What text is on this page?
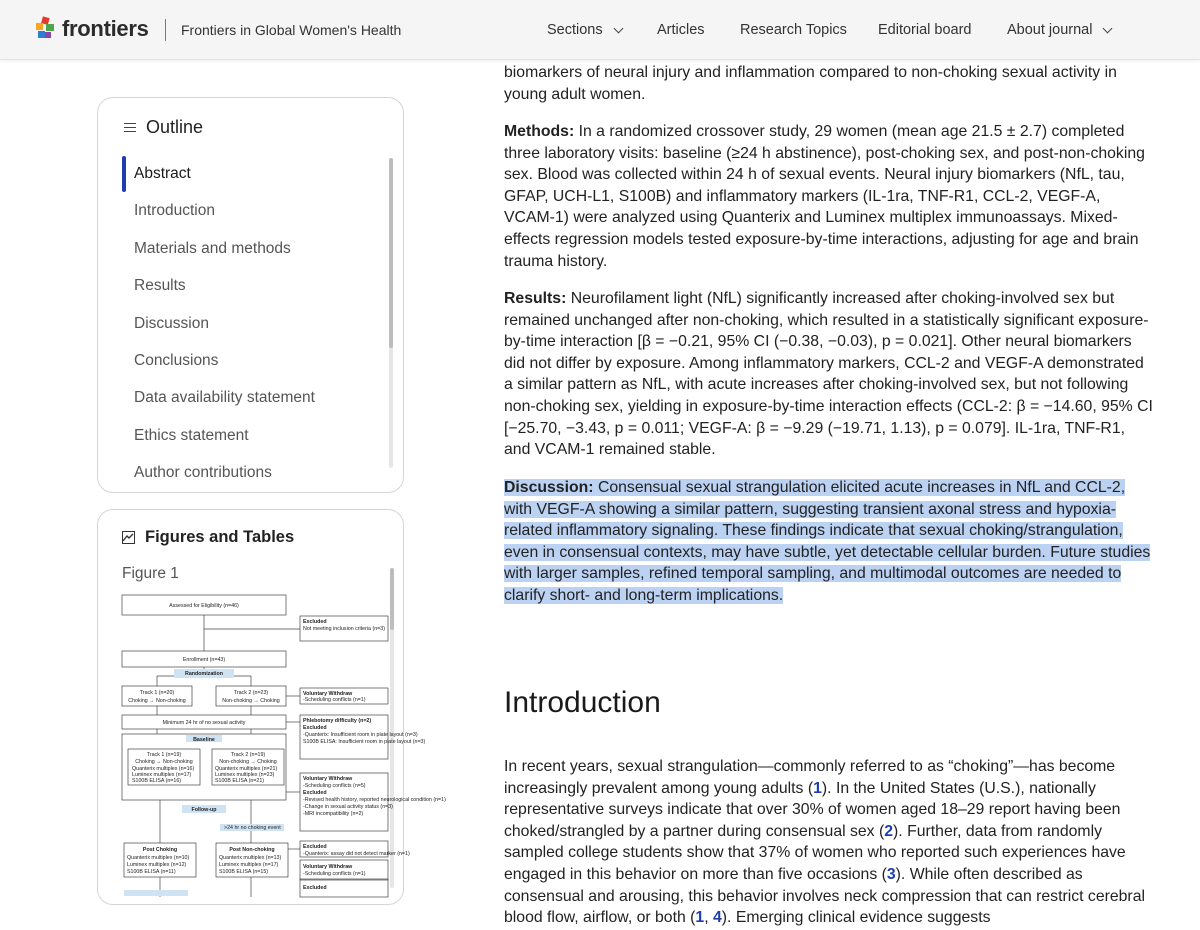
frontiers Frontiers in Global Women's Health	Sections	Articles Research Topics Editorial board About journal
Outline
Abstract
Introduction
Materials and methods
Results
Discussion
Conclusions
Data availability statement
Ethics statement
Author contributions
Figures and Tables
Figure 1
Assessed for Eligibility (n=46)
Excluded
Not meeting inclusion criteria (n=3)
Enrollment (n=43)
Randomization
Track 1 (n=20)
Choking → Non-choking
Track 2 (n=23)
Non-choking → Choking
Voluntary Withdraw
-Scheduling conflicts (n=1)
Minimum 24 hr of no sexual activity	Phlebotomy difficulty (n=2)
Excluded
-Quanterix: Insufficient room in plate layout (n=3)
S100B ELISA: Insufficient room in plate layout (n=3)
Baseline
Track 1 (n=19)
Choking → Non-choking
Quanterix multiplex (n=16)
Luminex multiplex (n=17)
S100B ELISA (n=16)
Track 2 (n=19)
Non-choking → Choking
Quanterix multiplex (n=21)
Luminex multiplex (n=23)
S100B ELISA (n=21)	Voluntary Withdraw
-Scheduling conflicts (n=5)
Excluded
-Revised health history, reported neurological condition (n=1)
-Change in sexual activity status (n=3)
-MRI incompatibility (n=2)
Follow-up
>24 hr no choking event
Post Choking
Quanterix multiplex (n=10)
Luminex multiplex (n=12)
S100B ELISA (n=11)
Post Non-choking
Quanterix multiplex (n=13)
Luminex multiplex (n=17)
S100B ELISA (n=15)
Excluded
-Quanterix: assay did not detect marker (n=1)
Voluntary Withdraw
-Scheduling conflicts (n=1)
Excluded
biomarkers of neural injury and inflammation compared to non-choking sexual activity in young adult women.
Methods: In a randomized crossover study, 29 women (mean age 21.5 ± 2.7) completed three laboratory visits: baseline (≥24 h abstinence), post-choking sex, and post-non-choking sex. Blood was collected within 24 h of sexual events. Neural injury biomarkers (NfL, tau, GFAP, UCH-L1, S100B) and inflammatory markers (IL-1ra, TNF-R1, CCL-2, VEGF-A, VCAM-1) were analyzed using Quanterix and Luminex multiplex immunoassays. Mixed-effects regression models tested exposure-by-time interactions, adjusting for age and brain trauma history.
Results: Neurofilament light (NfL) significantly increased after choking-involved sex but remained unchanged after non-choking, which resulted in a statistically significant exposure-by-time interaction [β = −0.21, 95% CI (−0.38, −0.03), p = 0.021]. Other neural biomarkers did not differ by exposure. Among inflammatory markers, CCL-2 and VEGF-A demonstrated a similar pattern as NfL, with acute increases after choking-involved sex, but not following non-choking sex, yielding in exposure-by-time interaction effects (CCL-2: β = −14.60, 95% CI [−25.70, −3.43, p = 0.011; VEGF-A: β = −9.29 (−19.71, 1.13), p = 0.079]. IL-1ra, TNF-R1, and VCAM-1 remained stable.
Discussion: Consensual sexual strangulation elicited acute increases in NfL and CCL-2, with VEGF-A showing a similar pattern, suggesting transient axonal stress and hypoxia-related inflammatory signaling. These findings indicate that sexual choking/strangulation, even in consensual contexts, may have subtle, yet detectable cellular burden. Future studies with larger samples, refined temporal sampling, and multimodal outcomes are needed to clarify short- and long-term implications.
Introduction
In recent years, sexual strangulation—commonly referred to as “choking”—has become increasingly prevalent among young adults (1). In the United States (U.S.), nationally representative surveys indicate that over 30% of women aged 18–29 report having been choked/strangled by a partner during consensual sex (2). Further, data from randomly sampled college students show that 37% of women who reported such experiences have engaged in this behavior on more than five occasions (3). While often described as consensual and arousing, this behavior involves neck compression that can restrict cerebral blood flow, airflow, or both (1, 4). Emerging clinical evidence suggests
